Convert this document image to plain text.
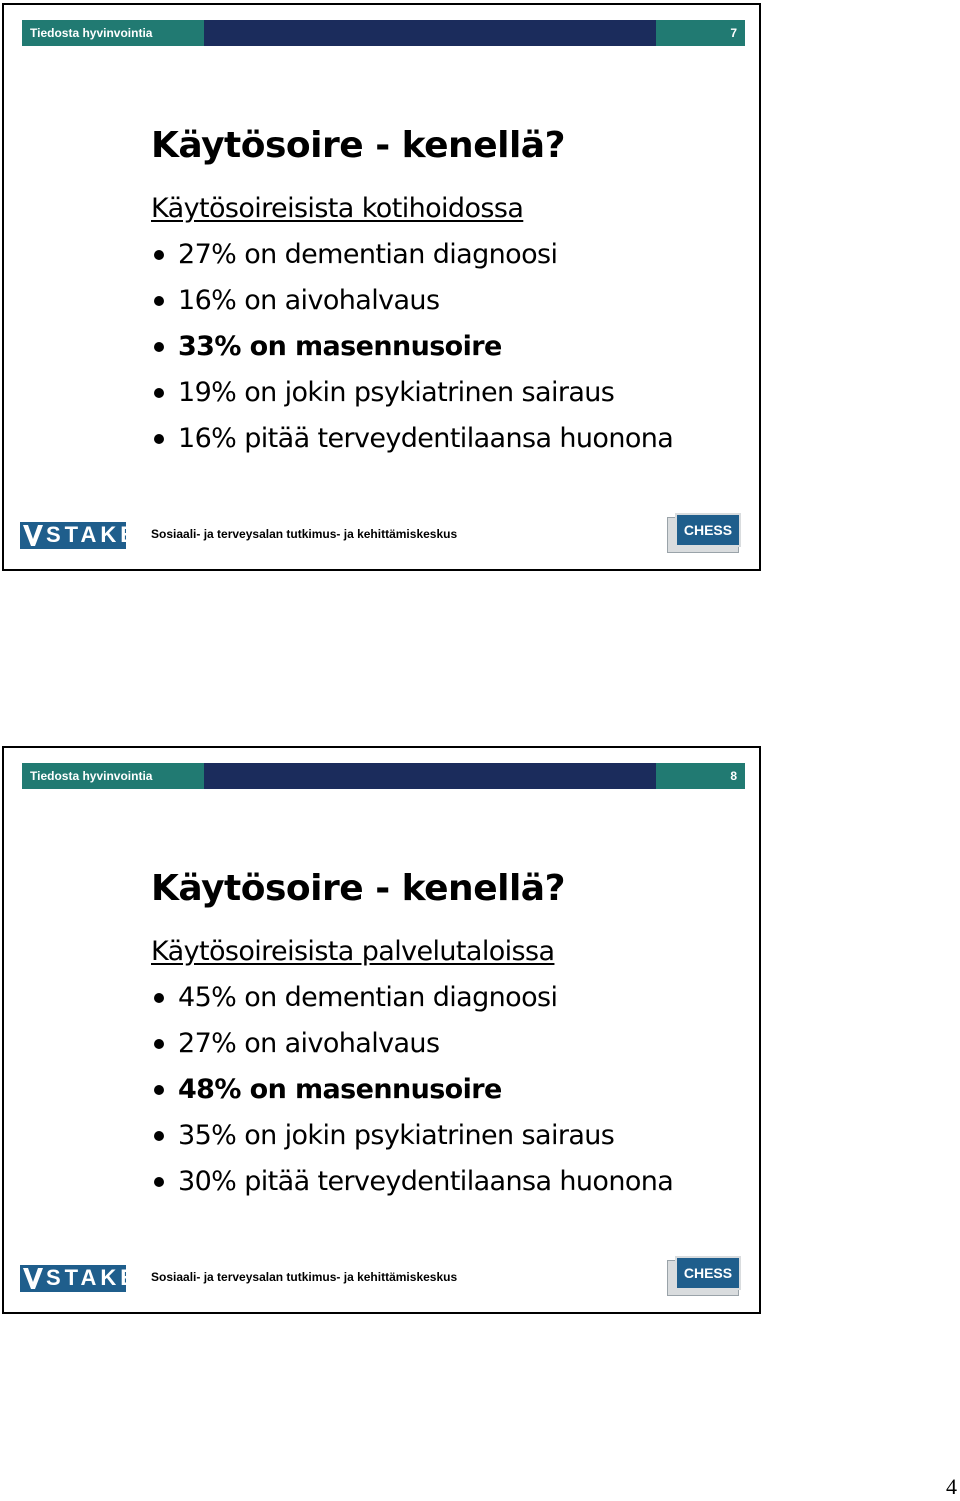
Tiedosta hyvinvointia	7
Käytösoire - kenellä?
Käytösoireisista kotihoidossa
27% on dementian diagnoosi
16% on aivohalvaus
33% on masennusoire
19% on jokin psykiatrinen sairaus
16% pitää terveydentilaansa huonona
STAKES
Sosiaali- ja terveysalan tutkimus- ja kehittämiskeskus	CHESS
Tiedosta hyvinvointia	8
Käytösoire - kenellä?
Käytösoireisista palvelutaloissa
45% on dementian diagnoosi
27% on aivohalvaus
48% on masennusoire
35% on jokin psykiatrinen sairaus
30% pitää terveydentilaansa huonona
STAKES
Sosiaali- ja terveysalan tutkimus- ja kehittämiskeskus	CHESS
4
